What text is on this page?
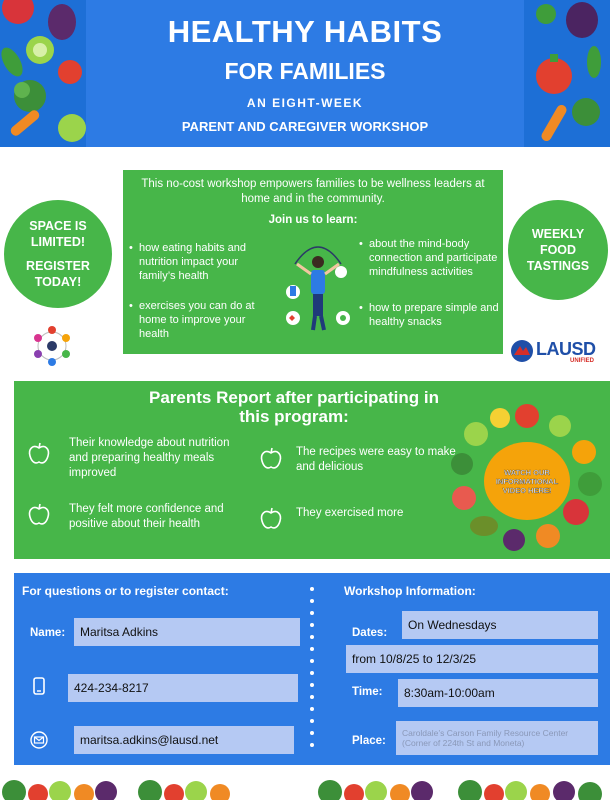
HEALTHY HABITS
FOR FAMILIES
AN EIGHT-WEEK
PARENT AND CAREGIVER WORKSHOP
SPACE IS
LIMITED!
REGISTER
TODAY!
WEEKLY
FOOD
TASTINGS
This no-cost workshop empowers families to be wellness leaders at home and in the community.
Join us to learn:
• how eating habits and nutrition impact your family’s health
• exercises you can do at home to improve your health
• about the mind-body connection and participate mindfulness activities
• how to prepare simple and healthy snacks
LAUSD
UNIFIED
Parents Report after participating in
this program:
Their knowledge about nutrition and preparing healthy meals improved
They felt more confidence and positive about their health
The recipes were easy to make and delicious
They exercised more
WATCH OUR INFORMATIONAL VIDEO HERE!
For questions or to register contact:	Workshop Information:
Name:	Maritsa Adkins
424-234-8217
maritsa.adkins@lausd.net
Dates:
On Wednesdays
from 10/8/25 to 12/3/25
Time:	8:30am-10:00am
Place:
Caroldale’s Carson Family Resource Center (Corner of 224th St and Moneta)
